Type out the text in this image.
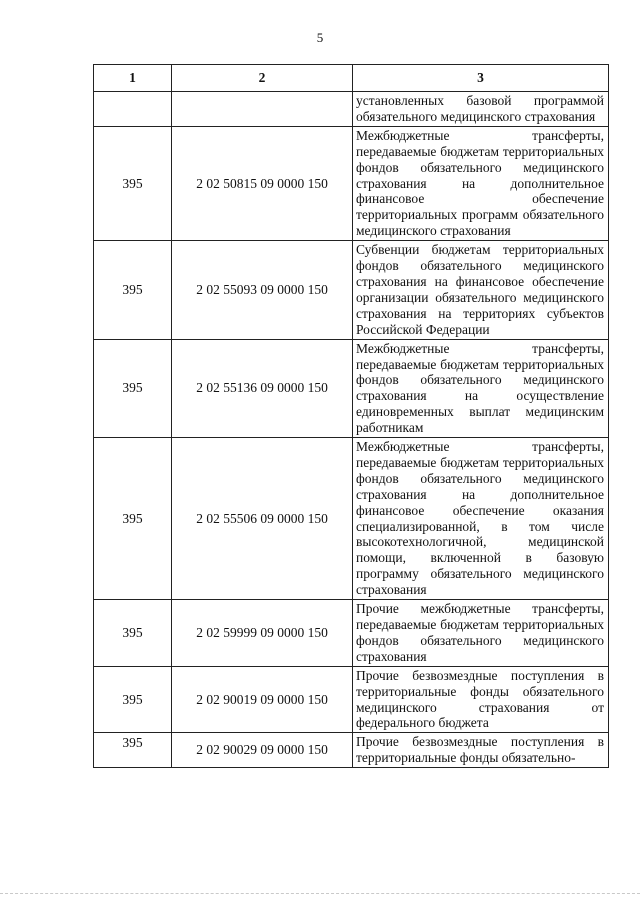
5
1	2	3
		установленных базовой программой обязательного медицинского страхования
395	2 02 50815 09 0000 150	Межбюджетные трансферты, передаваемые бюджетам территориальных фондов обязательного медицинского страхования на дополнительное финансовое обеспечение территориальных программ обязательного медицинского страхования
395	2 02 55093 09 0000 150	Субвенции бюджетам территориальных фондов обязательного медицинского страхования на финансовое обеспечение организации обязательного медицинского страхования на территориях субъектов Российской Федерации
395	2 02 55136 09 0000 150	Межбюджетные трансферты, передаваемые бюджетам территориальных фондов обязательного медицинского страхования на осуществление единовременных выплат медицинским работникам
395	2 02 55506 09 0000 150	Межбюджетные трансферты, передаваемые бюджетам территориальных фондов обязательного медицинского страхования на дополнительное финансовое обеспечение оказания специализированной, в том числе высокотехнологичной, медицинской помощи, включенной в базовую программу обязательного медицинского страхования
395	2 02 59999 09 0000 150	Прочие межбюджетные трансферты, передаваемые бюджетам территориальных фондов обязательного медицинского страхования
395	2 02 90019 09 0000 150	Прочие безвозмездные поступления в территориальные фонды обязательного медицинского страхования от федерального бюджета
395	2 02 90029 09 0000 150	Прочие безвозмездные поступления в территориальные фонды обязательно-
